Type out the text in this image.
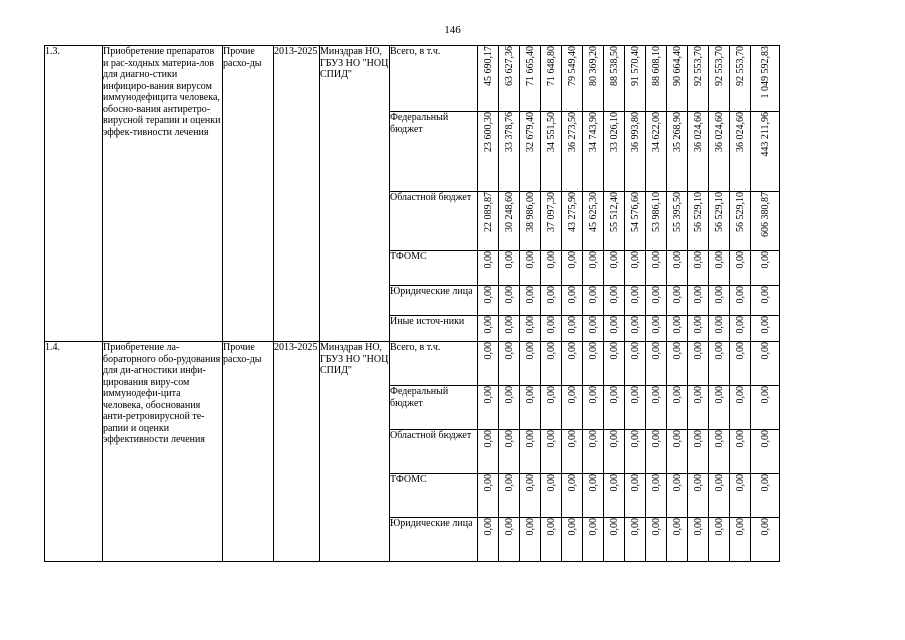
146
1.3.	Приобретение препаратов и рас-ходных материа-лов для диагно-стики инфициро-вания вирусом иммунодефицита человека, обосно-вания антиретро-вирусной терапии и оценки эффек-тивности лечения	Прочие расхо-ды	2013-2025	Минздрав НО, ГБУЗ НО "НОЦ СПИД"	Всего, в т.ч.	45 690,17	63 627,36	71 665,40	71 648,80	79 549,40	80 369,20	88 538,50	91 570,40	88 608,10	90 664,40	92 553,70	92 553,70	92 553,70	1 049 592,83
					Федеральный бюджет	23 600,30	33 378,76	32 679,40	34 551,50	36 273,50	34 743,90	33 026,10	36 993,80	34 622,00	35 268,90	36 024,60	36 024,60	36 024,60	443 211,96
					Областной бюджет	22 089,87	30 248,60	38 986,00	37 097,30	43 275,90	45 625,30	55 512,40	54 576,60	53 986,10	55 395,50	56 529,10	56 529,10	56 529,10	606 380,87
					ТФОМС	0,00	0,00	0,00	0,00	0,00	0,00	0,00	0,00	0,00	0,00	0,00	0,00	0,00	0,00
					Юридические лица	0,00	0,00	0,00	0,00	0,00	0,00	0,00	0,00	0,00	0,00	0,00	0,00	0,00	0,00
					Иные источ-ники	0,00	0,00	0,00	0,00	0,00	0,00	0,00	0,00	0,00	0,00	0,00	0,00	0,00	0,00
1.4.	Приобретение ла-бораторного обо-рудования для ди-агностики инфи-цирования виру-сом иммунодефи-цита человека, обоснования анти-ретровирусной те-рапии и оценки эффективности лечения	Прочие расхо-ды	2013-2025	Минздрав НО, ГБУЗ НО "НОЦ СПИД"	Всего, в т.ч.	0,00	0,00	0,00	0,00	0,00	0,00	0,00	0,00	0,00	0,00	0,00	0,00	0,00	0,00
					Федеральный бюджет	0,00	0,00	0,00	0,00	0,00	0,00	0,00	0,00	0,00	0,00	0,00	0,00	0,00	0,00
					Областной бюджет	0,00	0,00	0,00	0,00	0,00	0,00	0,00	0,00	0,00	0,00	0,00	0,00	0,00	0,00
					ТФОМС	0,00	0,00	0,00	0,00	0,00	0,00	0,00	0,00	0,00	0,00	0,00	0,00	0,00	0,00
					Юридические лица	0,00	0,00	0,00	0,00	0,00	0,00	0,00	0,00	0,00	0,00	0,00	0,00	0,00	0,00
